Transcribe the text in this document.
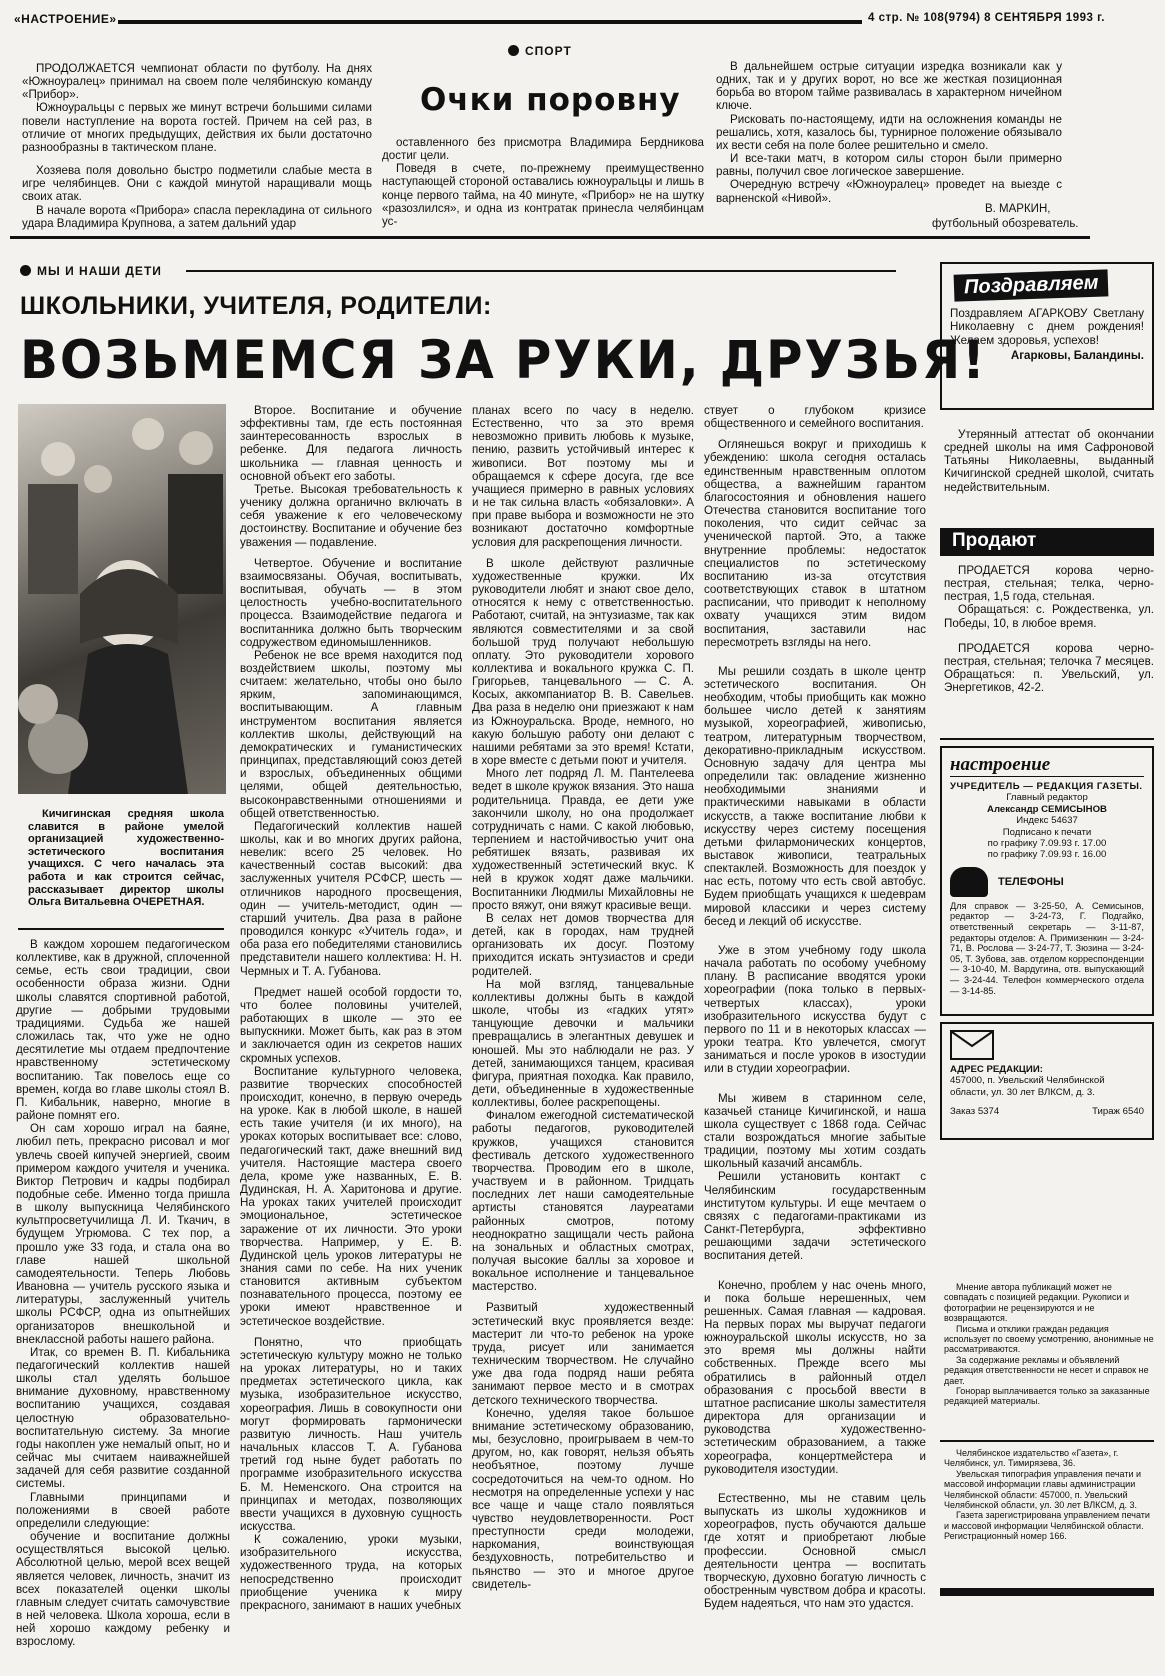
«НАСТРОЕНИЕ»	4 стр. № 108(9794) 8 СЕНТЯБРЯ 1993 г.
СПОРТ
Очки поровну

ПРОДОЛЖАЕТСЯ чемпионат области по футболу. На днях «Южноуралец» принимал на своем поле челябинскую команду «Прибор».

Южноуральцы с первых же минут встречи большими силами повели наступление на ворота гостей. Причем на сей раз, в отличие от многих предыдущих, действия их были достаточно разнообразны в тактическом плане.

Хозяева поля довольно быстро подметили слабые места в игре челябинцев. Они с каждой минутой наращивали мощь своих атак.

В начале ворота «Прибора» спасла перекладина от сильного удара Владимира Крупнова, а затем дальний удар

оставленного без присмотра Владимира Бердникова достиг цели.

Поведя в счете, по-прежнему преимущественно наступающей стороной оставались южноуральцы и лишь в конце первого тайма, на 40 минуте, «Прибор» не на шутку «разозлился», и одна из контратак принесла челябинцам ус-

В дальнейшем острые ситуации изредка возникали как у одних, так и у других ворот, но все же жесткая позиционная борьба во втором тайме развивалась в характерном ничейном ключе.

Рисковать по-настоящему, идти на осложнения команды не решались, хотя, казалось бы, турнирное положение обязывало их вести себя на поле более решительно и смело.

И все-таки матч, в котором силы сторон были примерно равны, получил свое логическое завершение.

Очередную встречу «Южноуралец» проведет на выезде с варненской «Нивой».

В. МАРКИН,
футбольный обозреватель.
МЫ И НАШИ ДЕТИ
ШКОЛЬНИКИ, УЧИТЕЛЯ, РОДИТЕЛИ:
ВОЗЬМЕМСЯ ЗА РУКИ, ДРУЗЬЯ!
Кичигинская средняя школа славится в районе умелой организацией художественно-эстетического воспитания учащихся. С чего началась эта работа и как строится сейчас, рассказывает директор школы Ольга Витальевна ОЧЕРЕТНАЯ.

В каждом хорошем педагогическом коллективе, как в дружной, сплоченной семье, есть свои традиции, свои особенности образа жизни. Одни школы славятся спортивной работой, другие — добрыми трудовыми традициями. Судьба же нашей сложилась так, что уже не одно десятилетие мы отдаем предпочтение нравственному эстетическому воспитанию. Так повелось еще со времен, когда во главе школы стоял В. П. Кибальник, наверно, многие в районе помнят его.

Он сам хорошо играл на баяне, любил петь, прекрасно рисовал и мог увлечь своей кипучей энергией, своим примером каждого учителя и ученика. Виктор Петрович и кадры подбирал подобные себе. Именно тогда пришла в школу выпускница Челябинского культпросветучилища Л. И. Ткачич, в будущем Угрюмова. С тех пор, а прошло уже 33 года, и стала она во главе нашей школьной самодеятельности. Теперь Любовь Ивановна — учитель русского языка и литературы, заслуженный учитель школы РСФСР, одна из опытнейших организаторов внешкольной и внеклассной работы нашего района.

Итак, со времен В. П. Кибальника педагогический коллектив нашей школы стал уделять большое внимание духовному, нравственному воспитанию учащихся, создавая целостную образовательно-воспитательную систему. За многие годы накоплен уже немалый опыт, но и сейчас мы считаем наиважнейшей задачей для себя развитие созданной системы.

Главными принципами и положениями в своей работе определили следующие:

обучение и воспитание должны осуществляться высокой целью. Абсолютной целью, мерой всех вещей является человек, личность, значит из всех показателей оценки школы главным следует считать самочувствие в ней человека. Школа хороша, если в ней хорошо каждому ребенку и взрослому.

Второе. Воспитание и обучение эффективны там, где есть постоянная заинтересованность взрослых в ребенке. Для педагога личность школьника — главная ценность и основной объект его заботы.

Третье. Высокая требовательность к ученику должна органично включать в себя уважение к его человеческому достоинству. Воспитание и обучение без уважения — подавление.

Четвертое. Обучение и воспитание взаимосвязаны. Обучая, воспитывать, воспитывая, обучать — в этом целостность учебно-воспитательного процесса. Взаимодействие педагога и воспитанника должно быть творческим содружеством единомышленников.

Ребенок не все время находится под воздействием школы, поэтому мы считаем: желательно, чтобы оно было ярким, запоминающимся, воспитывающим. А главным инструментом воспитания является коллектив школы, действующий на демократических и гуманистических принципах, представляющий союз детей и взрослых, объединенных общими целями, общей деятельностью, высоконравственными отношениями и общей ответственностью.

Педагогический коллектив нашей школы, как и во многих других района, невелик: всего 25 человек. Но качественный состав высокий: два заслуженных учителя РСФСР, шесть — отличников народного просвещения, один — учитель-методист, один — старший учитель. Два раза в районе проводился конкурс «Учитель года», и оба раза его победителями становились представители нашего коллектива: Н. Н. Чермных и Т. А. Губанова.

Предмет нашей особой гордости то, что более половины учителей, работающих в школе — это ее выпускники. Может быть, как раз в этом и заключается один из секретов наших скромных успехов.

Воспитание культурного человека, развитие творческих способностей происходит, конечно, в первую очередь на уроке. Как в любой школе, в нашей есть такие учителя (и их много), на уроках которых воспитывает все: слово, педагогический такт, даже внешний вид учителя. Настоящие мастера своего дела, кроме уже названных, Е. В. Дудинская, Н. А. Харитонова и другие. На уроках таких учителей происходит эмоциональное, эстетическое заражение от их личности. Это уроки творчества. Например, у Е. В. Дудинской цель уроков литературы не знания сами по себе. На них ученик становится активным субъектом познавательного процесса, поэтому ее уроки имеют нравственное и эстетическое воздействие.

Понятно, что приобщать эстетическую культуру можно не только на уроках литературы, но и таких предметах эстетического цикла, как музыка, изобразительное искусство, хореография. Лишь в совокупности они могут формировать гармонически развитую личность. Наш учитель начальных классов Т. А. Губанова третий год ныне будет работать по программе изобразительного искусства Б. М. Неменского. Она строится на принципах и методах, позволяющих ввести учащихся в духовную сущность искусства.

К сожалению, уроки музыки, изобразительного искусства, художественного труда, на которых непосредственно происходит приобщение ученика к миру прекрасного, занимают в наших учебных

планах всего по часу в неделю. Естественно, что за это время невозможно привить любовь к музыке, пению, развить устойчивый интерес к живописи. Вот поэтому мы и обращаемся к сфере досуга, где все учащиеся примерно в равных условиях и не так сильна власть «обязаловки». А при праве выбора и возможности не это возникают достаточно комфортные условия для раскрепощения личности.

В школе действуют различные художественные кружки. Их руководители любят и знают свое дело, относятся к нему с ответственностью. Работают, считай, на энтузиазме, так как являются совместителями и за свой большой труд получают небольшую оплату. Это руководители хорового коллектива и вокального кружка С. П. Григорьев, танцевального — С. А. Косых, аккомпаниатор В. В. Савельев. Два раза в неделю они приезжают к нам из Южноуральска. Вроде, немного, но какую большую работу они делают с нашими ребятами за это время! Кстати, в хоре вместе с детьми поют и учителя.

Много лет подряд Л. М. Пантелеева ведет в школе кружок вязания. Это наша родительница. Правда, ее дети уже закончили школу, но она продолжает сотрудничать с нами. С какой любовью, терпением и настойчивостью учит она ребятишек вязать, развивая их художественный эстетический вкус. К ней в кружок ходят даже мальчики. Воспитанники Людмилы Михайловны не просто вяжут, они вяжут красивые вещи.

В селах нет домов творчества для детей, как в городах, нам трудней организовать их досуг. Поэтому приходится искать энтузиастов и среди родителей.

На мой взгляд, танцевальные коллективы должны быть в каждой школе, чтобы из «гадких утят» танцующие девочки и мальчики превращались в элегантных девушек и юношей. Мы это наблюдали не раз. У детей, занимающихся танцем, красивая фигура, приятная походка. Как правило, дети, объединенные в художественные коллективы, более раскрепощены.

Финалом ежегодной систематической работы педагогов, руководителей кружков, учащихся становится фестиваль детского художественного творчества. Проводим его в школе, участвуем и в районном. Тридцать последних лет наши самодеятельные артисты становятся лауреатами районных смотров, потому неоднократно защищали честь района на зональных и областных смотрах, получая высокие баллы за хоровое и вокальное исполнение и танцевальное мастерство.

Развитый художественный эстетический вкус проявляется везде: мастерит ли что-то ребенок на уроке труда, рисует или занимается техническим творчеством. Не случайно уже два года подряд наши ребята занимают первое место и в смотрах детского технического творчества.

Конечно, уделяя такое большое внимание эстетическому образованию, мы, безусловно, проигрываем в чем-то другом, но, как говорят, нельзя объять необъятное, поэтому лучше сосредоточиться на чем-то одном. Но несмотря на определенные успехи у нас все чаще и чаще стало появляться чувство неудовлетворенности. Рост преступности среди молодежи, наркомания, воинствующая бездуховность, потребительство и пьянство — это и многое другое свидетель-

ствует о глубоком кризисе общественного и семейного воспитания.

Оглянешься вокруг и приходишь к убеждению: школа сегодня осталась единственным нравственным оплотом общества, а важнейшим гарантом благосостояния и обновления нашего Отечества становится воспитание того поколения, что сидит сейчас за ученической партой. Это, а также внутренние проблемы: недостаток специалистов по эстетическому воспитанию из-за отсутствия соответствующих ставок в штатном расписании, что приводит к неполному охвату учащихся этим видом воспитания, заставили нас пересмотреть взгляды на него.

Мы решили создать в школе центр эстетического воспитания. Он необходим, чтобы приобщить как можно большее число детей к занятиям музыкой, хореографией, живописью, театром, литературным творчеством, декоративно-прикладным искусством. Основную задачу для центра мы определили так: овладение жизненно необходимыми знаниями и практическими навыками в области искусств, а также воспитание любви к искусству через систему посещения детьми филармонических концертов, выставок живописи, театральных спектаклей. Возможность для поездок у нас есть, потому что есть свой автобус. Будем приобщать учащихся к шедеврам мировой классики и через систему бесед и лекций об искусстве.

Уже в этом учебному году школа начала работать по особому учебному плану. В расписание вводятся уроки хореографии (пока только в первых-четвертых классах), уроки изобразительного искусства будут с первого по 11 и в некоторых классах — уроки театра. Кто увлечется, смогут заниматься и после уроков в изостудии или в студии хореографии.

Мы живем в старинном селе, казачьей станице Кичигинской, и наша школа существует с 1868 года. Сейчас стали возрождаться многие забытые традиции, поэтому мы хотим создать школьный казачий ансамбль.

Решили установить контакт с Челябинским государственным институтом культуры. И еще мечтаем о связях с педагогами-практиками из Санкт-Петербурга, эффективно решающими задачи эстетического воспитания детей.

Конечно, проблем у нас очень много, и пока больше нерешенных, чем решенных. Самая главная — кадровая. На первых порах мы выручат педагоги южноуральской школы искусств, но за это время мы должны найти собственных. Прежде всего мы обратились в районный отдел образования с просьбой ввести в штатное расписание школы заместителя директора для организации и руководства художественно-эстетическим образованием, а также хореографа, концертмейстера и руководителя изостудии.

Естественно, мы не ставим цель выпускать из школы художников и хореографов, пусть обучаются дальше где хотят и приобретают любые профессии. Основной смысл деятельности центра — воспитать творческую, духовно богатую личность с обостренным чувством добра и красоты. Будем надеяться, что нам это удастся.

Поздравляем
Поздравляем АГАРКОВУ Светлану Николаевну с днем рождения! Желаем здоровья, успехов!
Агарковы, Баландины.
Утерянный аттестат об окончании средней школы на имя Сафроновой Татьяны Николаевны, выданный Кичигинской средней школой, считать недействительным.
Продают

ПРОДАЕТСЯ корова черно-пестрая, стельная; телка, черно-пестрая, 1,5 года, стельная.

Обращаться: с. Рождественка, ул. Победы, 10, в любое время.

ПРОДАЕТСЯ корова черно-пестрая, стельная; телочка 7 месяцев. Обращаться: п. Увельский, ул. Энергетиков, 42-2.

настроение
УЧРЕДИТЕЛЬ — РЕДАКЦИЯ ГАЗЕТЫ.
Главный редактор
Александр СЕМИСЫНОВ
Индекс 54637
Подписано к печати
по графику 7.09.93 г. 17.00
по графику 7.09.93 г. 16.00
ТЕЛЕФОНЫ
Для справок — 3-25-50, А. Семисынов, редактор — 3-24-73, Г. Подгайко, ответственный секретарь — 3-11-87, редакторы отделов: А. Примизенкин — 3-24-71, В. Рослова — 3-24-77, Т. Зюзина — 3-24-05, Т. Зубова, зав. отделом корреспонденции — 3-10-40, М. Вардугина, отв. выпускающий — 3-24-44. Телефон коммерческого отдела — 3-14-85.
АДРЕС РЕДАКЦИИ:
457000, п. Увельский Челябинской области, ул. 30 лет ВЛКСМ, д. 3.
Заказ 5374	Тираж 6540
Мнение автора публикаций может не совпадать с позицией редакции. Рукописи и фотографии не рецензируются и не возвращаются.
Письма и отклики граждан редакция использует по своему усмотрению, анонимные не рассматриваются.
За содержание рекламы и объявлений редакция ответственности не несет и справок не дает.
Гонорар выплачивается только за заказанные редакцией материалы.
Челябинское издательство «Газета», г. Челябинск, ул. Тимирязева, 36.
Увельская типография управления печати и массовой информации главы администрации Челябинской области: 457000, п. Увельский Челябинской области, ул. 30 лет ВЛКСМ, д. 3.
Газета зарегистрирована управлением печати и массовой информации Челябинской области. Регистрационный номер 166.
